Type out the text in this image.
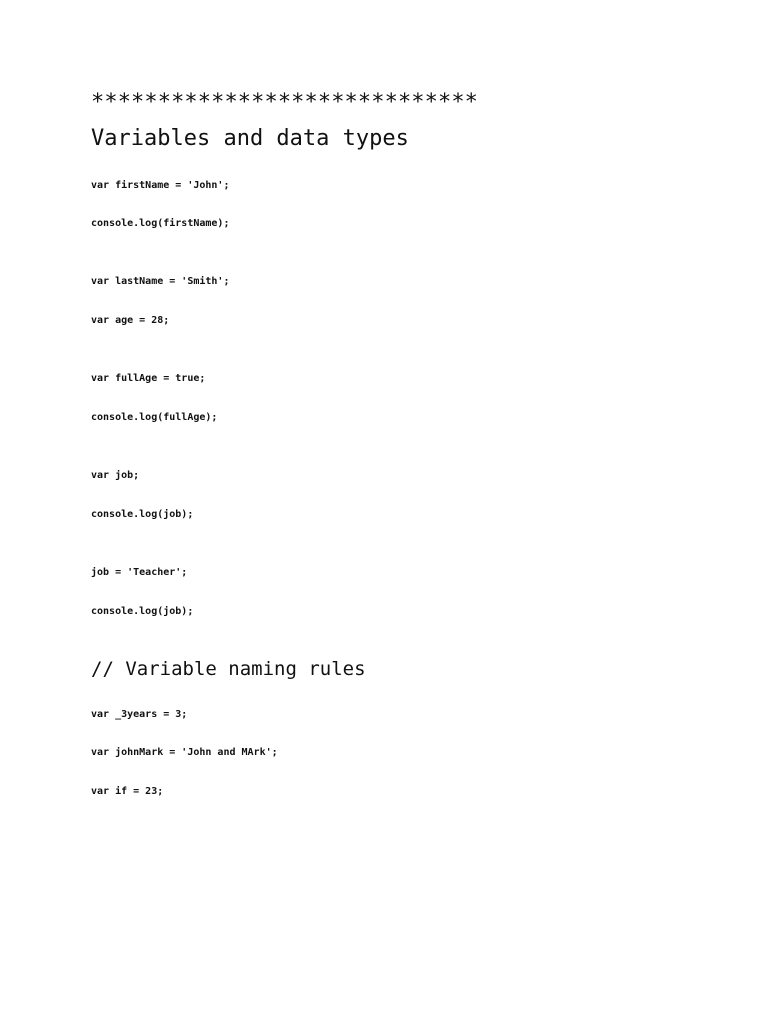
*****************************
Variables and data types
var firstName = 'John';
console.log(firstName);
var lastName = 'Smith';
var age = 28;
var fullAge = true;
console.log(fullAge);
var job;
console.log(job);
job = 'Teacher';
console.log(job);
// Variable naming rules
var _3years = 3;
var johnMark = 'John and MArk';
var if = 23;
